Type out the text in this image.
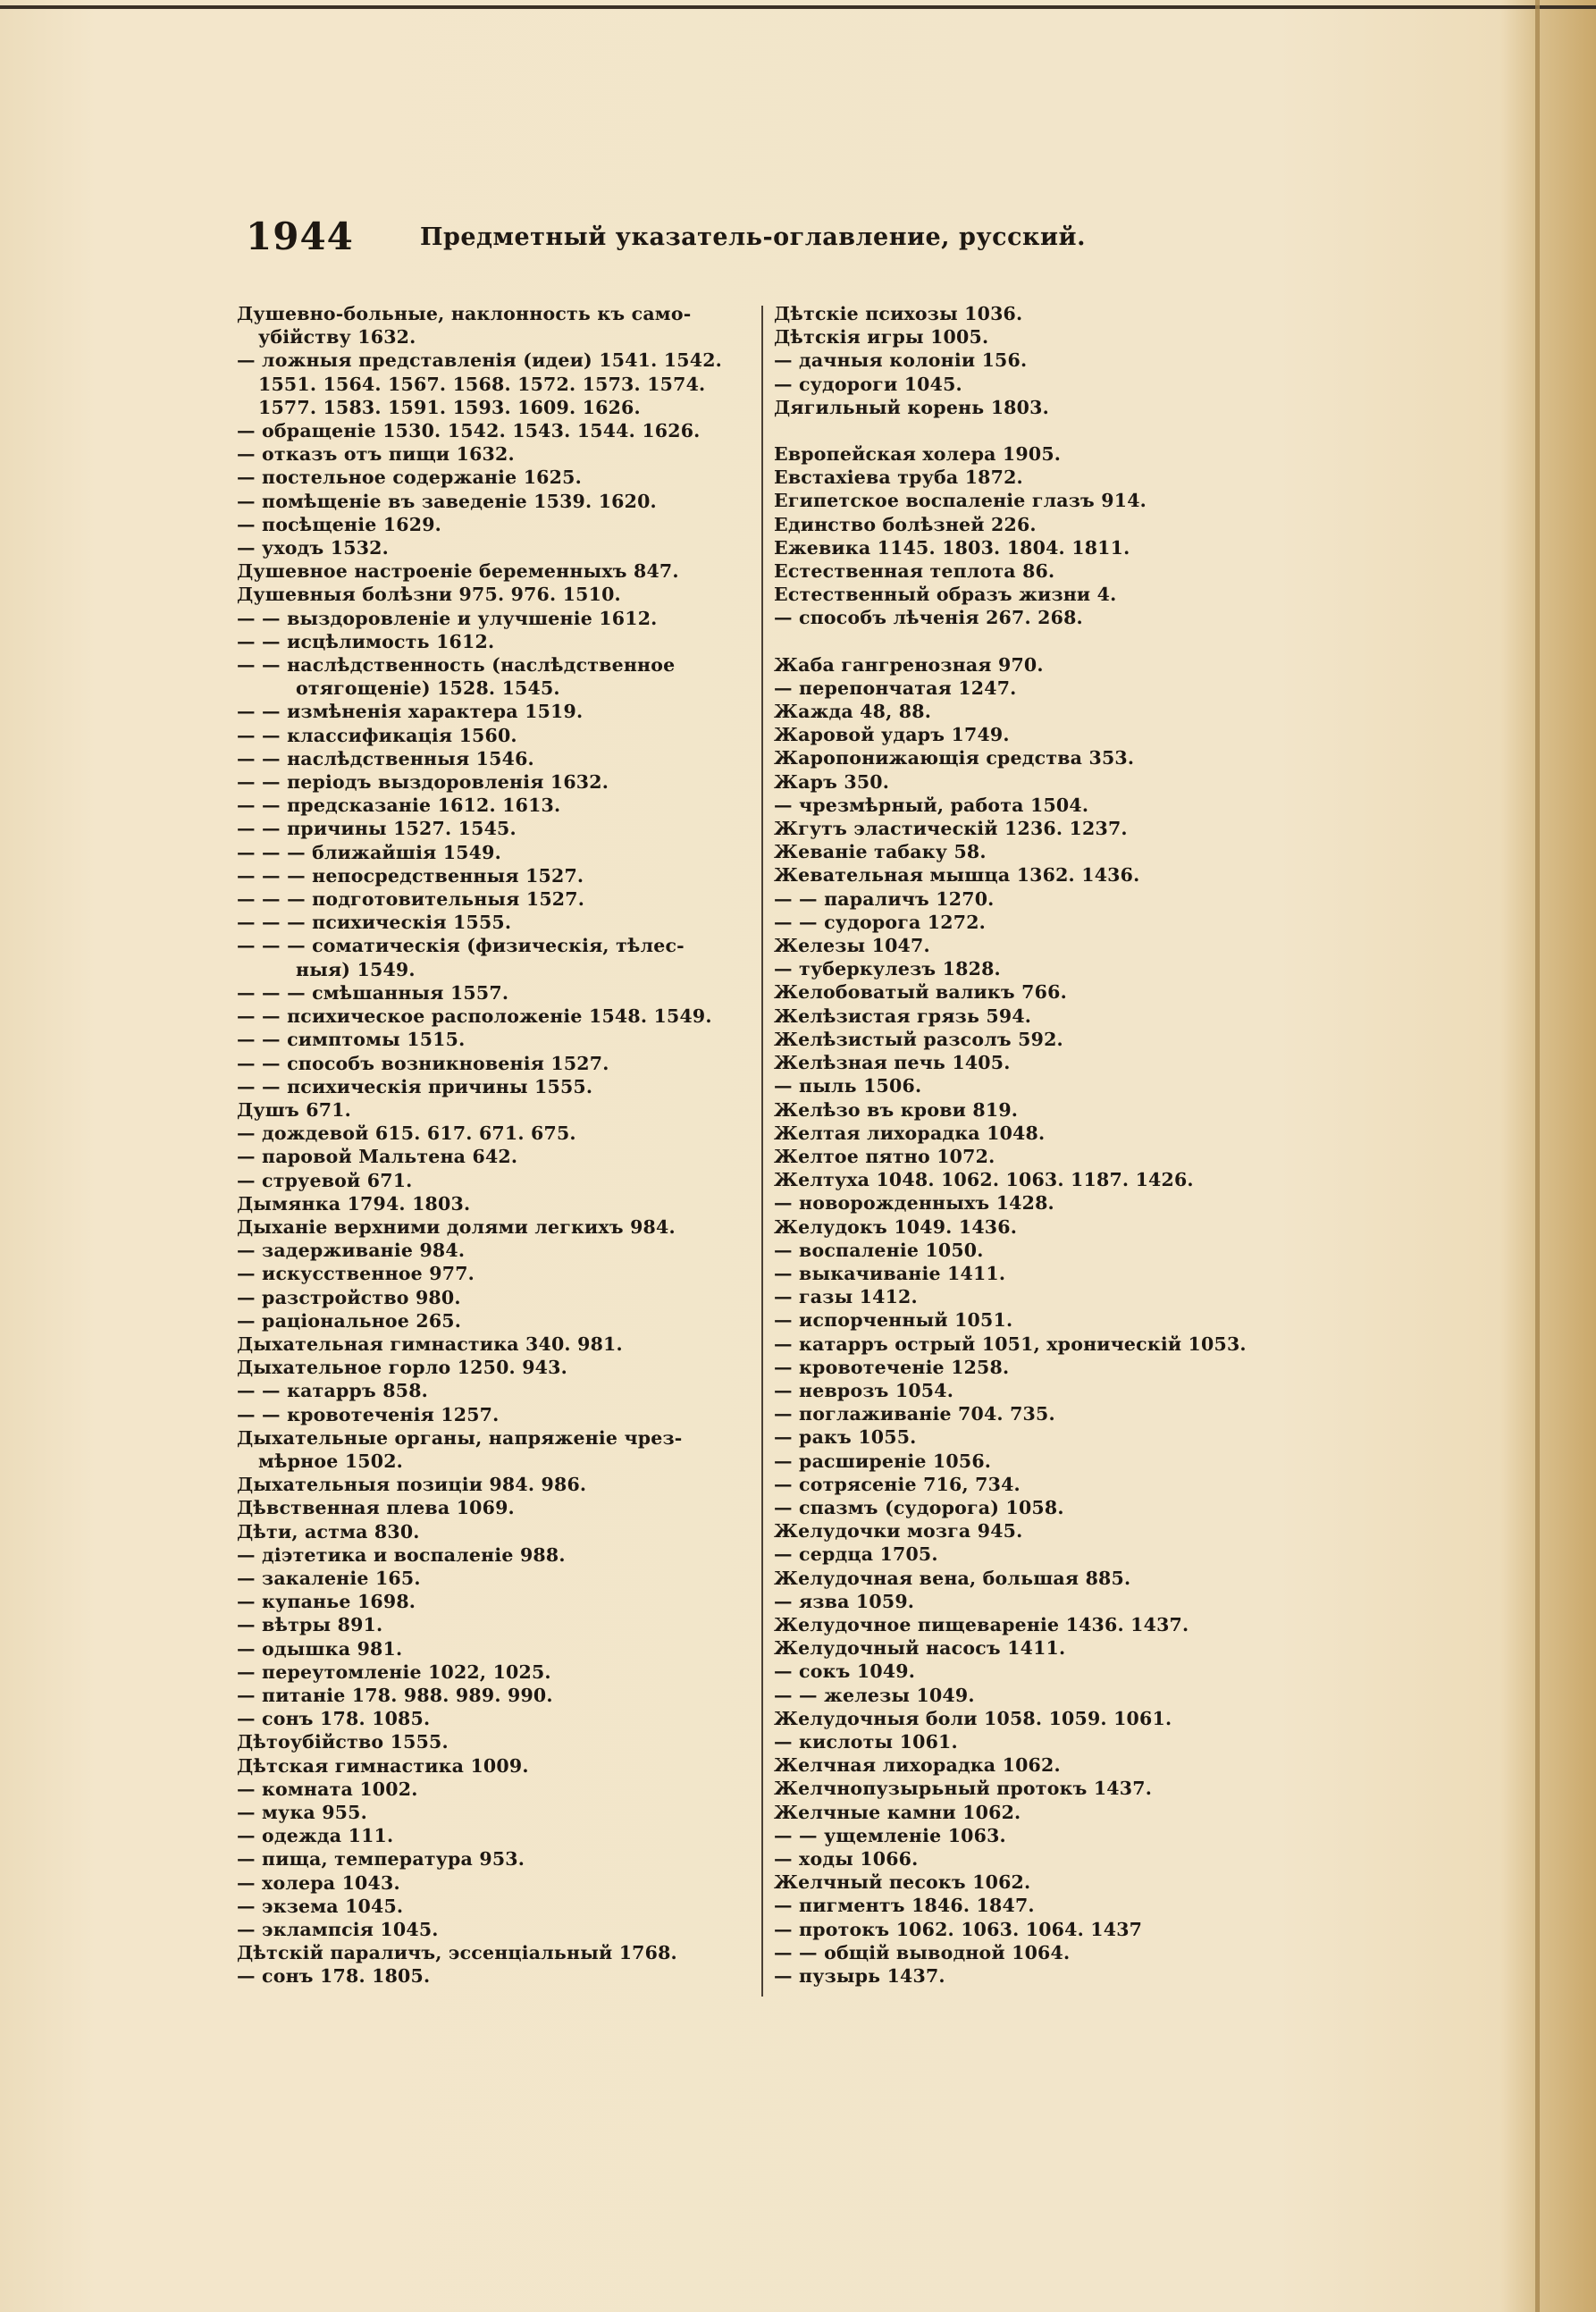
1944	Предметный указатель-оглавление, русский.
Душевно-больные, наклонность къ само-
убійству 1632.
— ложныя представленія (идеи) 1541. 1542.
1551. 1564. 1567. 1568. 1572. 1573. 1574.
1577. 1583. 1591. 1593. 1609. 1626.
— обращеніе 1530. 1542. 1543. 1544. 1626.
— отказъ отъ пищи 1632.
— постельное содержаніе 1625.
— помѣщеніе въ заведеніе 1539. 1620.
— посѣщеніе 1629.
— уходъ 1532.
Душевное настроеніе беременныхъ 847.
Душевныя болѣзни 975. 976. 1510.
— — выздоровленіе и улучшеніе 1612.
— — исцѣлимость 1612.
— — наслѣдственность (наслѣдственное
отягощеніе) 1528. 1545.
— — измѣненія характера 1519.
— — классификація 1560.
— — наслѣдственныя 1546.
— — періодъ выздоровленія 1632.
— — предсказаніе 1612. 1613.
— — причины 1527. 1545.
— — — ближайшія 1549.
— — — непосредственныя 1527.
— — — подготовительныя 1527.
— — — психическія 1555.
— — — соматическія (физическія, тѣлес-
ныя) 1549.
— — — смѣшанныя 1557.
— — психическое расположеніе 1548. 1549.
— — симптомы 1515.
— — способъ возникновенія 1527.
— — психическія причины 1555.
Душъ 671.
— дождевой 615. 617. 671. 675.
— паровой Мальтена 642.
— струевой 671.
Дымянка 1794. 1803.
Дыханіе верхними долями легкихъ 984.
— задерживаніе 984.
— искусственное 977.
— разстройство 980.
— раціональное 265.
Дыхательная гимнастика 340. 981.
Дыхательное горло 1250. 943.
— — катарръ 858.
— — кровотеченія 1257.
Дыхательные органы, напряженіе чрез-
мѣрное 1502.
Дыхательныя позиціи 984. 986.
Дѣвственная плева 1069.
Дѣти, астма 830.
— діэтетика и воспаленіе 988.
— закаленіе 165.
— купанье 1698.
— вѣтры 891.
— одышка 981.
— переутомленіе 1022, 1025.
— питаніе 178. 988. 989. 990.
— сонъ 178. 1085.
Дѣтоубійство 1555.
Дѣтская гимнастика 1009.
— комната 1002.
— мука 955.
— одежда 111.
— пища, температура 953.
— холера 1043.
— экзема 1045.
— эклампсія 1045.
Дѣтскій параличъ, эссенціальный 1768.
— сонъ 178. 1805.
Дѣтскіе психозы 1036.
Дѣтскія игры 1005.
— дачныя колоніи 156.
— судороги 1045.
Дягильный корень 1803.
Европейская холера 1905.
Евстахіева труба 1872.
Египетское воспаленіе глазъ 914.
Единство болѣзней 226.
Ежевика 1145. 1803. 1804. 1811.
Естественная теплота 86.
Естественный образъ жизни 4.
— способъ лѣченія 267. 268.
Жаба гангренозная 970.
— перепончатая 1247.
Жажда 48, 88.
Жаровой ударъ 1749.
Жаропонижающія средства 353.
Жаръ 350.
— чрезмѣрный, работа 1504.
Жгутъ эластическій 1236. 1237.
Жеваніе табаку 58.
Жевательная мышца 1362. 1436.
— — параличъ 1270.
— — судорога 1272.
Железы 1047.
— туберкулезъ 1828.
Желобоватый валикъ 766.
Желѣзистая грязь 594.
Желѣзистый разсолъ 592.
Желѣзная печь 1405.
— пыль 1506.
Желѣзо въ крови 819.
Желтая лихорадка 1048.
Желтое пятно 1072.
Желтуха 1048. 1062. 1063. 1187. 1426.
— новорожденныхъ 1428.
Желудокъ 1049. 1436.
— воспаленіе 1050.
— выкачиваніе 1411.
— газы 1412.
— испорченный 1051.
— катарръ острый 1051, хроническій 1053.
— кровотеченіе 1258.
— неврозъ 1054.
— поглаживаніе 704. 735.
— ракъ 1055.
— расширеніе 1056.
— сотрясеніе 716, 734.
— спазмъ (судорога) 1058.
Желудочки мозга 945.
— сердца 1705.
Желудочная вена, большая 885.
— язва 1059.
Желудочное пищевареніе 1436. 1437.
Желудочный насосъ 1411.
— сокъ 1049.
— — железы 1049.
Желудочныя боли 1058. 1059. 1061.
— кислоты 1061.
Желчная лихорадка 1062.
Желчнопузырьный протокъ 1437.
Желчные камни 1062.
— — ущемленіе 1063.
— ходы 1066.
Желчный песокъ 1062.
— пигментъ 1846. 1847.
— протокъ 1062. 1063. 1064. 1437
— — общій выводной 1064.
— пузырь 1437.
